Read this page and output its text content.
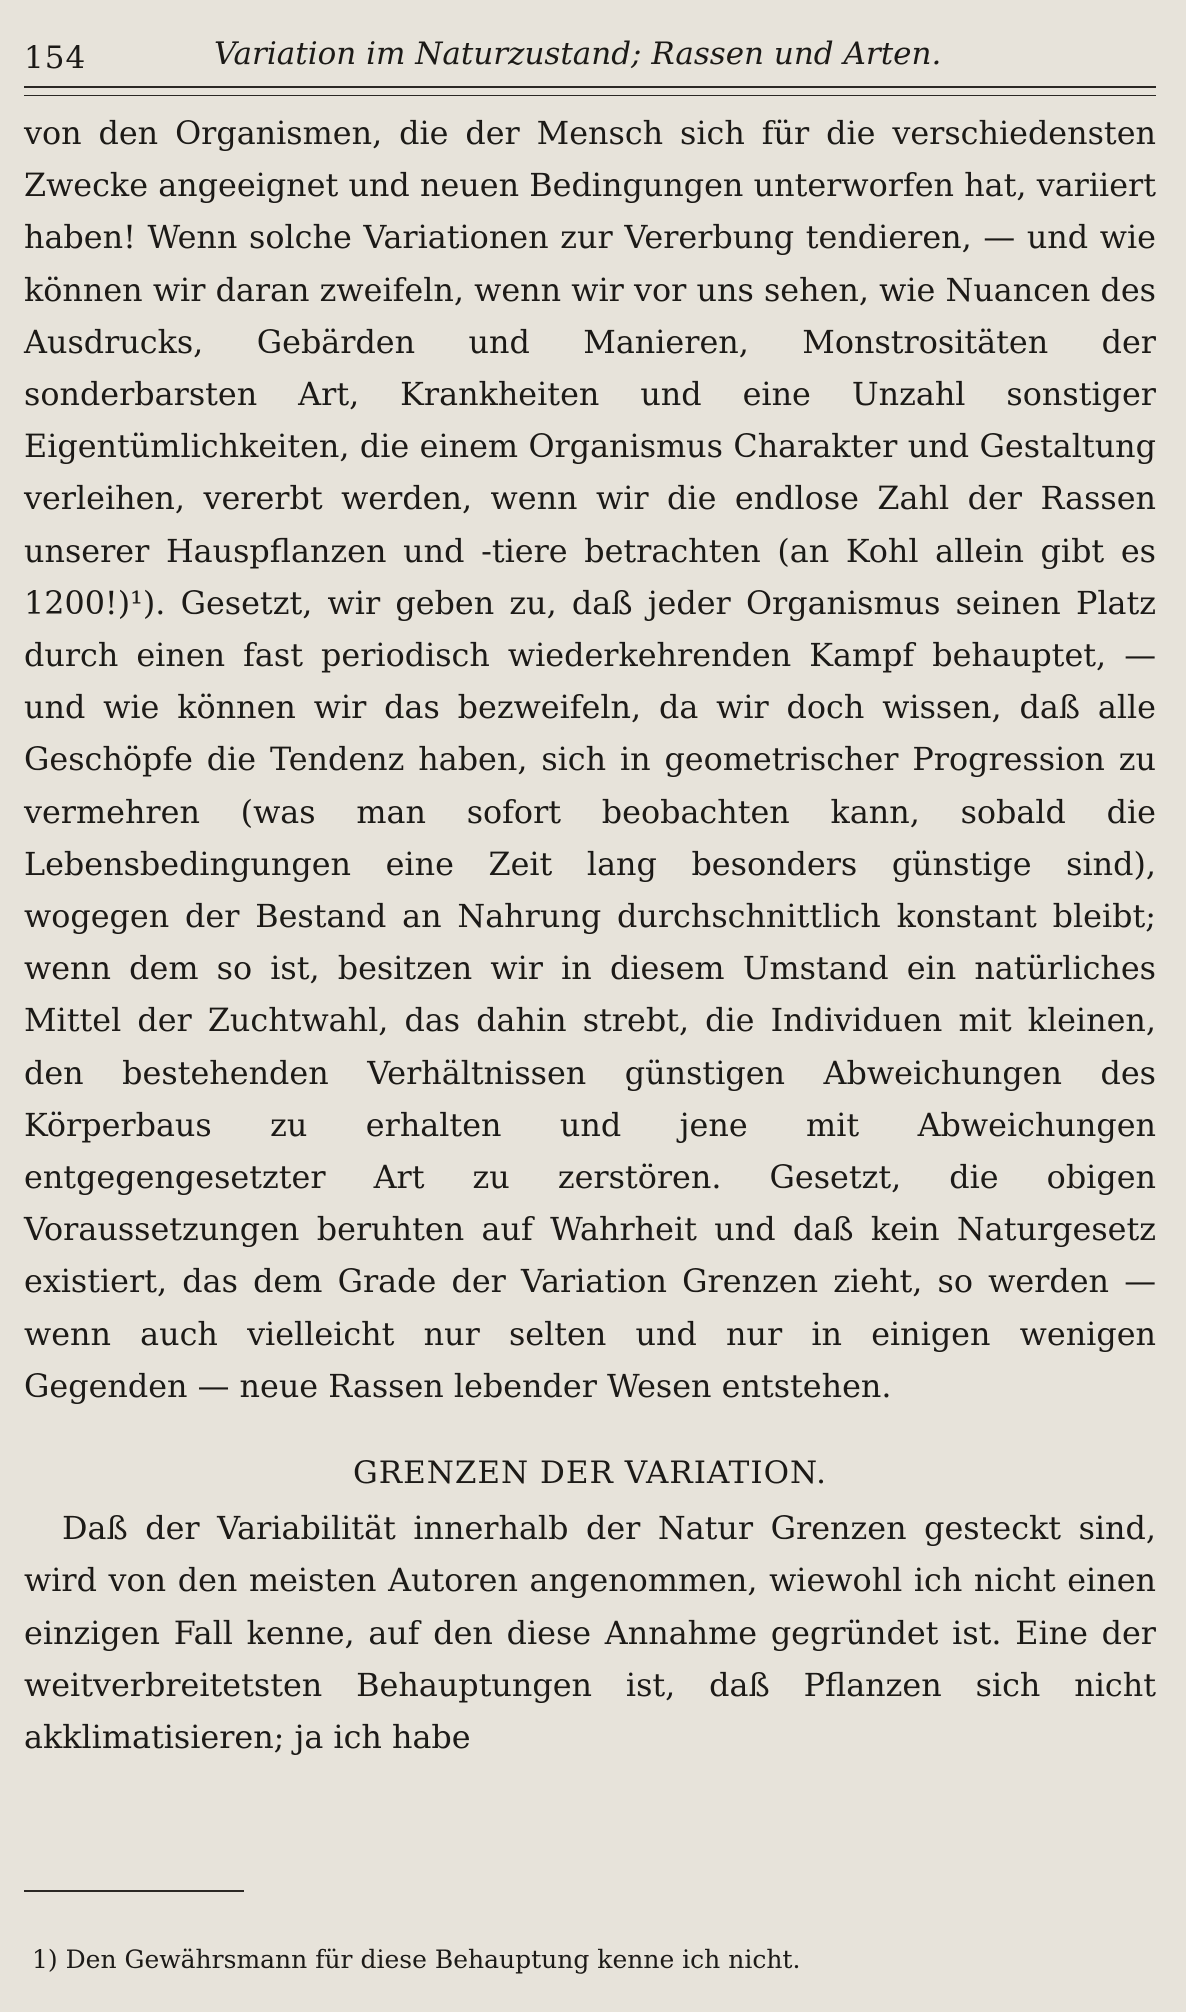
154	Variation im Naturzustand; Rassen und Arten.

von den Organismen, die der Mensch sich für die verschiedensten Zwecke angeeignet und neuen Bedingungen unterworfen hat, variiert haben! Wenn solche Variationen zur Vererbung tendieren, — und wie können wir daran zweifeln, wenn wir vor uns sehen, wie Nuancen des Ausdrucks, Gebärden und Manieren, Monstrositäten der sonderbarsten Art, Krankheiten und eine Unzahl sonstiger Eigentümlichkeiten, die einem Organismus Charakter und Gestaltung verleihen, vererbt werden, wenn wir die endlose Zahl der Rassen unserer Hauspflanzen und -tiere betrachten (an Kohl allein gibt es 1200!)¹). Gesetzt, wir geben zu, daß jeder Organismus seinen Platz durch einen fast periodisch wiederkehrenden Kampf behauptet, — und wie können wir das bezweifeln, da wir doch wissen, daß alle Geschöpfe die Tendenz haben, sich in geometrischer Progression zu vermehren (was man sofort beobachten kann, sobald die Lebensbedingungen eine Zeit lang besonders günstige sind), wogegen der Bestand an Nahrung durchschnittlich konstant bleibt; wenn dem so ist, besitzen wir in diesem Umstand ein natürliches Mittel der Zuchtwahl, das dahin strebt, die Individuen mit kleinen, den bestehenden Verhältnissen günstigen Abweichungen des Körperbaus zu erhalten und jene mit Abweichungen entgegengesetzter Art zu zerstören. Gesetzt, die obigen Voraussetzungen beruhten auf Wahrheit und daß kein Naturgesetz existiert, das dem Grade der Variation Grenzen zieht, so werden — wenn auch vielleicht nur selten und nur in einigen wenigen Gegenden — neue Rassen lebender Wesen entstehen.

GRENZEN DER VARIATION.

Daß der Variabilität innerhalb der Natur Grenzen gesteckt sind, wird von den meisten Autoren angenommen, wiewohl ich nicht einen einzigen Fall kenne, auf den diese Annahme gegründet ist. Eine der weitverbreitetsten Behauptungen ist, daß Pflanzen sich nicht akklimatisieren; ja ich habe

1) Den Gewährsmann für diese Behauptung kenne ich nicht.
